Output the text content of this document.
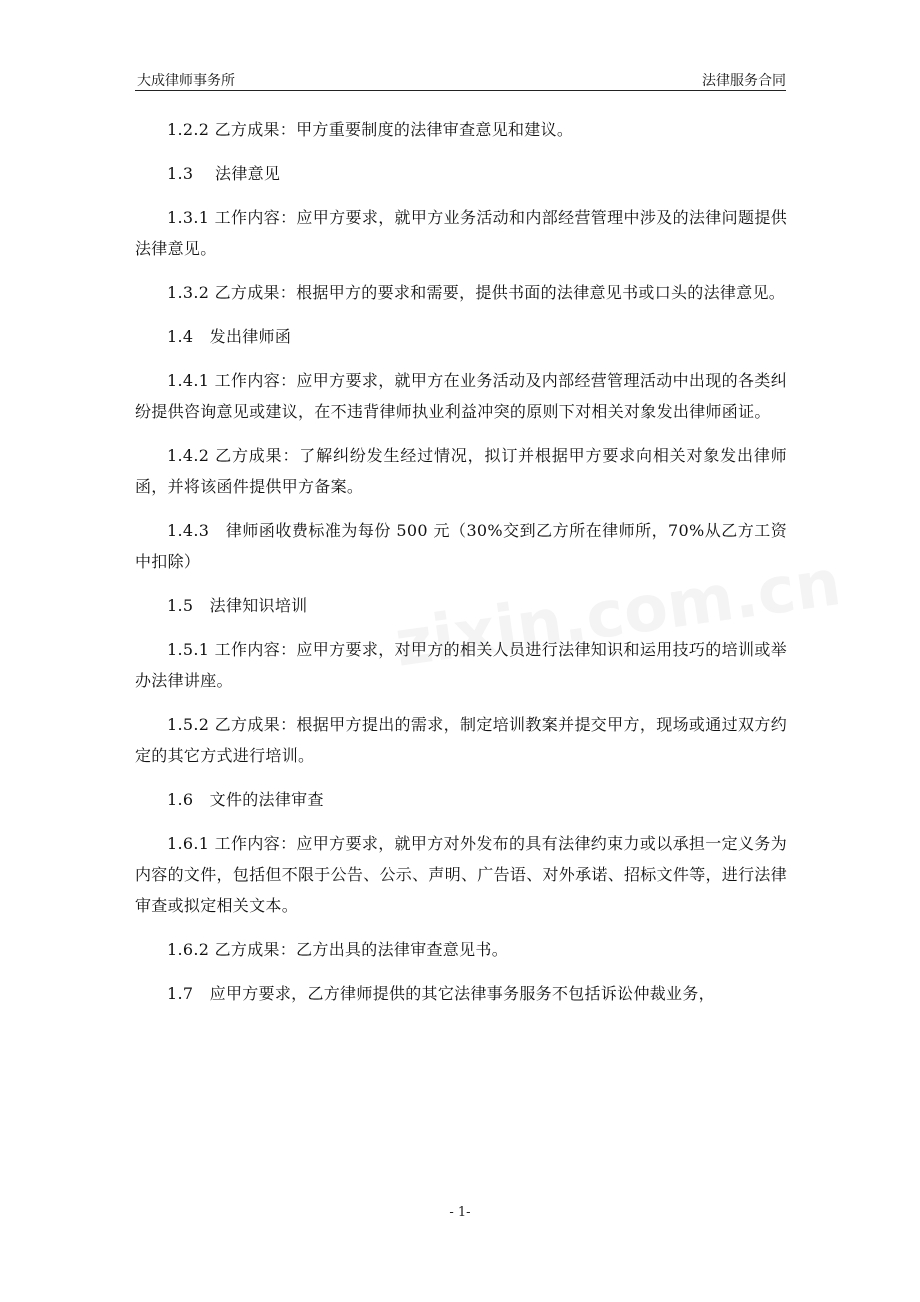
大成律师事务所	法律服务合同

1.2.2 乙方成果：甲方重要制度的法律审查意见和建议。

1.3　 法律意见

1.3.1 工作内容：应甲方要求，就甲方业务活动和内部经营管理中涉及的法律问题提供法律意见。

1.3.2 乙方成果：根据甲方的要求和需要，提供书面的法律意见书或口头的法律意见。

1.4　发出律师函

1.4.1 工作内容：应甲方要求，就甲方在业务活动及内部经营管理活动中出现的各类纠纷提供咨询意见或建议，在不违背律师执业利益冲突的原则下对相关对象发出律师函证。

1.4.2 乙方成果：了解纠纷发生经过情况，拟订并根据甲方要求向相关对象发出律师函，并将该函件提供甲方备案。

1.4.3　律师函收费标准为每份 500 元（30%交到乙方所在律师所，70%从乙方工资中扣除）

1.5　法律知识培训

1.5.1 工作内容：应甲方要求，对甲方的相关人员进行法律知识和运用技巧的培训或举办法律讲座。

1.5.2 乙方成果：根据甲方提出的需求，制定培训教案并提交甲方，现场或通过双方约定的其它方式进行培训。

1.6　文件的法律审查

1.6.1 工作内容：应甲方要求，就甲方对外发布的具有法律约束力或以承担一定义务为内容的文件，包括但不限于公告、公示、声明、广告语、对外承诺、招标文件等，进行法律审查或拟定相关文本。

1.6.2 乙方成果：乙方出具的法律审查意见书。

1.7　应甲方要求，乙方律师提供的其它法律事务服务不包括诉讼仲裁业务，

- 1-
